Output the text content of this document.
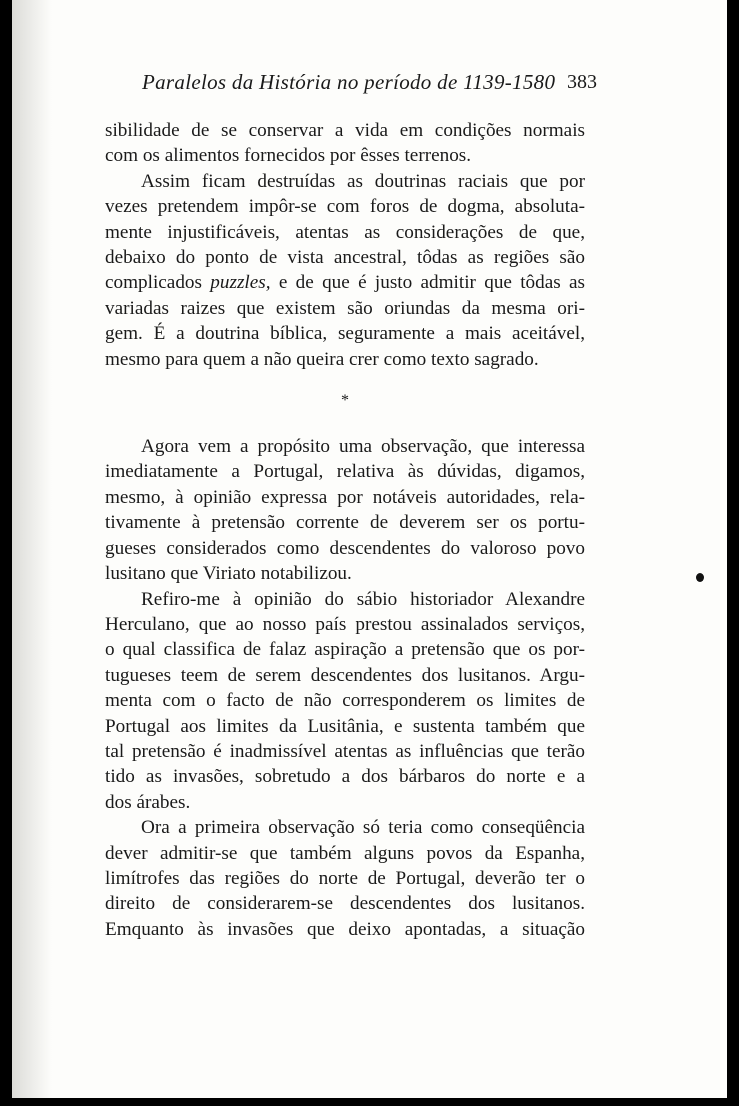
Paralelos da História no período de 1139-1580 383
sibilidade de se conservar a vida em condições normais
com os alimentos fornecidos por êsses terrenos.
Assim ficam destruídas as doutrinas raciais que por
vezes pretendem impôr-se com foros de dogma, absoluta-
mente injustificáveis, atentas as considerações de que,
debaixo do ponto de vista ancestral, tôdas as regiões são
complicados puzzles, e de que é justo admitir que tôdas as
variadas raizes que existem são oriundas da mesma ori-
gem. É a doutrina bíblica, seguramente a mais aceitável,
mesmo para quem a não queira crer como texto sagrado.
*
Agora vem a propósito uma observação, que interessa
imediatamente a Portugal, relativa às dúvidas, digamos,
mesmo, à opinião expressa por notáveis autoridades, rela-
tivamente à pretensão corrente de deverem ser os portu-
gueses considerados como descendentes do valoroso povo
lusitano que Viriato notabilizou.
Refiro-me à opinião do sábio historiador Alexandre
Herculano, que ao nosso país prestou assinalados serviços,
o qual classifica de falaz aspiração a pretensão que os por-
tugueses teem de serem descendentes dos lusitanos. Argu-
menta com o facto de não corresponderem os limites de
Portugal aos limites da Lusitânia, e sustenta também que
tal pretensão é inadmissível atentas as influências que terão
tido as invasões, sobretudo a dos bárbaros do norte e a
dos árabes.
Ora a primeira observação só teria como conseqüência
dever admitir-se que também alguns povos da Espanha,
limítrofes das regiões do norte de Portugal, deverão ter o
direito de considerarem-se descendentes dos lusitanos.
Emquanto às invasões que deixo apontadas, a situação
